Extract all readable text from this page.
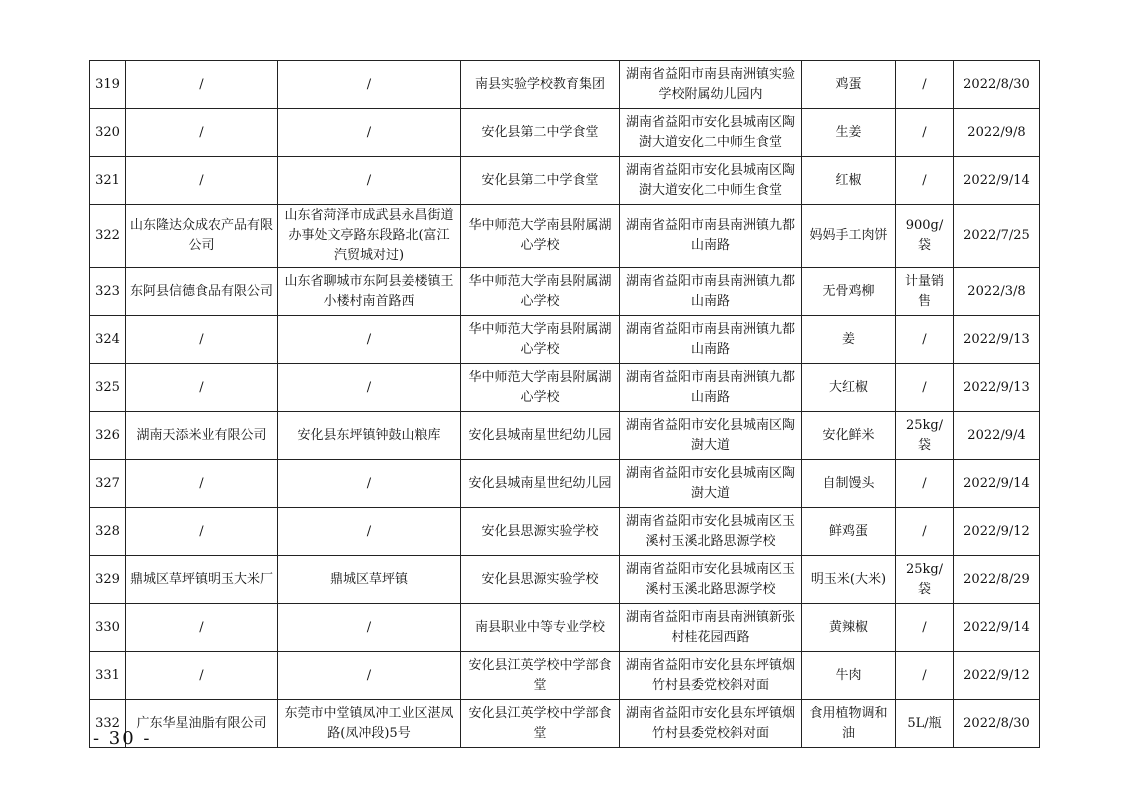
319	/	/	南县实验学校教育集团	湖南省益阳市南县南洲镇实验学校附属幼儿园内	鸡蛋	/	2022/8/30
320	/	/	安化县第二中学食堂	湖南省益阳市安化县城南区陶澍大道安化二中师生食堂	生姜	/	2022/9/8
321	/	/	安化县第二中学食堂	湖南省益阳市安化县城南区陶澍大道安化二中师生食堂	红椒	/	2022/9/14
322	山东隆达众成农产品有限公司	山东省菏泽市成武县永昌街道办事处文亭路东段路北(富江汽贸城对过)	华中师范大学南县附属湖心学校	湖南省益阳市南县南洲镇九都山南路	妈妈手工肉饼	900g/袋	2022/7/25
323	东阿县信德食品有限公司	山东省聊城市东阿县姜楼镇王小楼村南首路西	华中师范大学南县附属湖心学校	湖南省益阳市南县南洲镇九都山南路	无骨鸡柳	计量销售	2022/3/8
324	/	/	华中师范大学南县附属湖心学校	湖南省益阳市南县南洲镇九都山南路	姜	/	2022/9/13
325	/	/	华中师范大学南县附属湖心学校	湖南省益阳市南县南洲镇九都山南路	大红椒	/	2022/9/13
326	湖南天添米业有限公司	安化县东坪镇钟鼓山粮库	安化县城南星世纪幼儿园	湖南省益阳市安化县城南区陶澍大道	安化鲜米	25kg/袋	2022/9/4
327	/	/	安化县城南星世纪幼儿园	湖南省益阳市安化县城南区陶澍大道	自制馒头	/	2022/9/14
328	/	/	安化县思源实验学校	湖南省益阳市安化县城南区玉溪村玉溪北路思源学校	鲜鸡蛋	/	2022/9/12
329	鼎城区草坪镇明玉大米厂	鼎城区草坪镇	安化县思源实验学校	湖南省益阳市安化县城南区玉溪村玉溪北路思源学校	明玉米(大米)	25kg/袋	2022/8/29
330	/	/	南县职业中等专业学校	湖南省益阳市南县南洲镇新张村桂花园西路	黄辣椒	/	2022/9/14
331	/	/	安化县江英学校中学部食堂	湖南省益阳市安化县东坪镇烟竹村县委党校斜对面	牛肉	/	2022/9/12
332	广东华星油脂有限公司	东莞市中堂镇凤冲工业区湛凤路(凤冲段)5号	安化县江英学校中学部食堂	湖南省益阳市安化县东坪镇烟竹村县委党校斜对面	食用植物调和油	5L/瓶	2022/8/30
- 30 -
